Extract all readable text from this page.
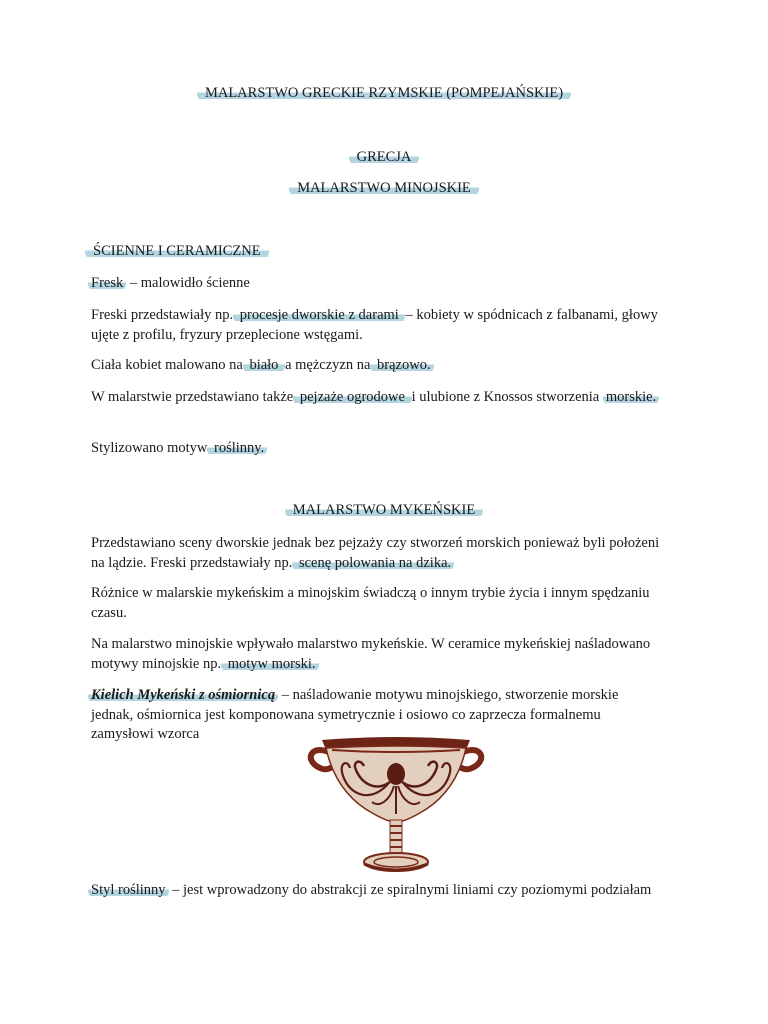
MALARSTWO GRECKIE RZYMSKIE (POMPEJAŃSKIE)
GRECJA
MALARSTWO MINOJSKIE
ŚCIENNE I CERAMICZNE
Fresk – malowidło ścienne
Freski przedstawiały np. procesje dworskie z darami – kobiety w spódnicach z falbanami, głowy ujęte z profilu, fryzury przeplecione wstęgami.
Ciała kobiet malowano na biało a mężczyzn na brązowo.
W malarstwie przedstawiano także pejzaże ogrodowe i ulubione z Knossos stworzenia morskie.
Stylizowano motyw roślinny.
MALARSTWO MYKEŃSKIE
Przedstawiano sceny dworskie jednak bez pejzaży czy stworzeń morskich ponieważ byli położeni na lądzie. Freski przedstawiały np. scenę polowania na dzika.
Różnice w malarskie mykeńskim a minojskim świadczą o innym trybie życia i innym spędzaniu czasu.
Na malarstwo minojskie wpływało malarstwo mykeńskie. W ceramice mykeńskiej naśladowano motywy minojskie np. motyw morski.
Kielich Mykeński z ośmiornicą – naśladowanie motywu minojskiego, stworzenie morskie jednak, ośmiornica jest komponowana symetrycznie i osiowo co zaprzecza formalnemu zamysłowi wzorca
Styl roślinny – jest wprowadzony do abstrakcji ze spiralnymi liniami czy poziomymi podziałam
